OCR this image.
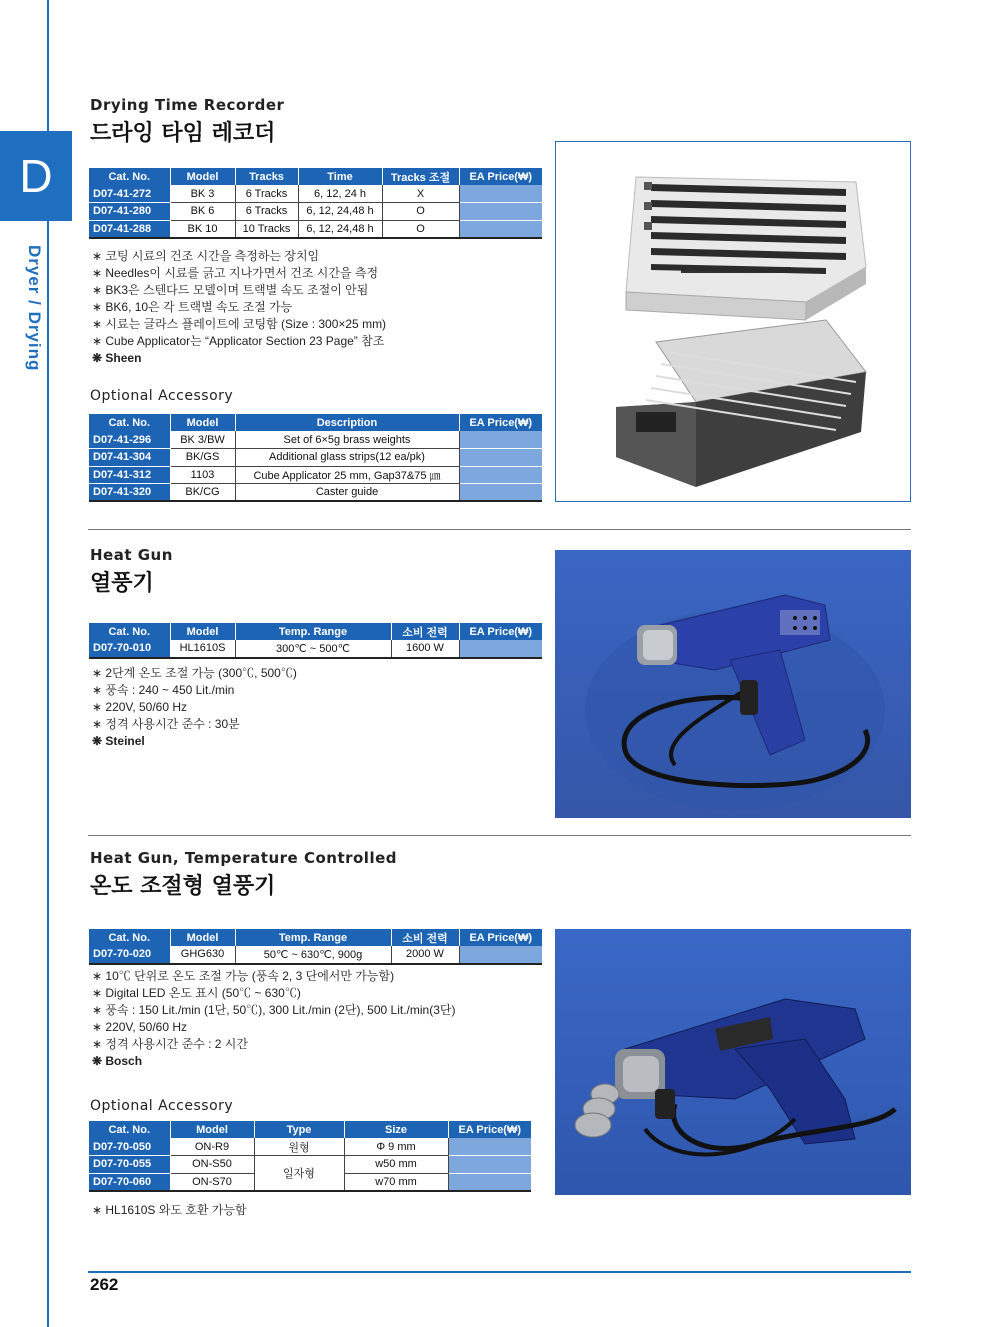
D
Dryer / Drying
Drying Time Recorder
드라잉 타임 레코더
Cat. No.	Model	Tracks	Time	Tracks 조절	EA Price(₩)
D07-41-272	BK 3	6 Tracks	6, 12, 24 h	X	
D07-41-280	BK 6	6 Tracks	6, 12, 24,48 h	O	
D07-41-288	BK 10	10 Tracks	6, 12, 24,48 h	O	
∗ 코팅 시료의 건조 시간을 측정하는 장치임
∗ Needles이 시료를 긁고 지나가면서 건조 시간을 측정
∗ BK3은 스텐다드 모델이며 트랙별 속도 조절이 안됨
∗ BK6, 10은 각 트랙별 속도 조절 가능
∗ 시료는 글라스 플레이트에 코팅함 (Size : 300×25 mm)
∗ Cube Applicator는 “Applicator Section 23 Page” 참조
❋ Sheen
Optional Accessory
Cat. No.	Model	Description	EA Price(₩)
D07-41-296	BK 3/BW	Set of 6×5g brass weights	
D07-41-304	BK/GS	Additional glass strips(12 ea/pk)	
D07-41-312	1103	Cube Applicator 25 mm, Gap37&75 ㎛	
D07-41-320	BK/CG	Caster guide	
Heat Gun
열풍기
Cat. No.	Model	Temp. Range	소비 전력	EA Price(₩)
D07-70-010	HL1610S	300℃ ~ 500℃	1600 W	
∗ 2단계 온도 조절 가능 (300℃, 500℃)
∗ 풍속 : 240 ~ 450 Lit./min
∗ 220V, 50/60 Hz
∗ 정격 사용시간 준수 : 30분
❋ Steinel
Heat Gun, Temperature Controlled
온도 조절형 열풍기
Cat. No.	Model	Temp. Range	소비 전력	EA Price(₩)
D07-70-020	GHG630	50℃ ~ 630℃, 900g	2000 W	
∗ 10℃ 단위로 온도 조절 가능 (풍속 2, 3 단에서만 가능함)
∗ Digital LED 온도 표시 (50℃ ~ 630℃)
∗ 풍속 : 150 Lit./min (1단, 50℃), 300 Lit./min (2단), 500 Lit./min(3단)
∗ 220V, 50/60 Hz
∗ 정격 사용시간 준수 : 2 시간
❋ Bosch
Optional Accessory
Cat. No.	Model	Type	Size	EA Price(₩)
D07-70-050	ON-R9	원형	Φ 9 mm	
D07-70-055	ON-S50	일자형	w50 mm	
D07-70-060	ON-S70		w70 mm	
∗ HL1610S 와도 호환 가능함
262
